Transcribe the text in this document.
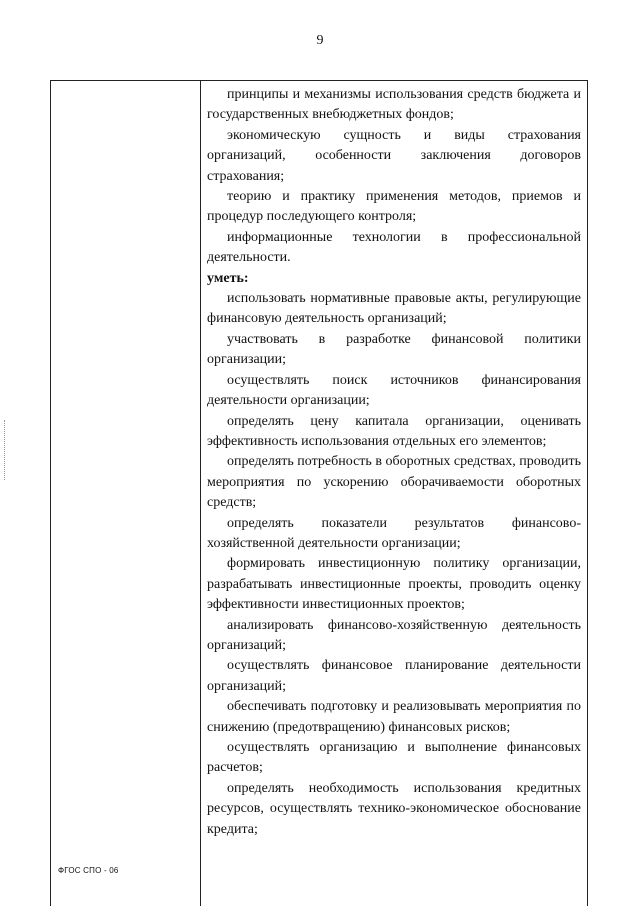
9

принципы и механизмы использования средств бюджета и государственных внебюджетных фондов;

экономическую сущность и виды страхования организаций, особенности заключения договоров страхования;

теорию и практику применения методов, приемов и процедур последующего контроля;

информационные технологии в профессиональной деятельности.

уметь:

использовать нормативные правовые акты, регулирующие финансовую деятельность организаций;

участвовать в разработке финансовой политики организации;

осуществлять поиск источников финансирования деятельности организации;

определять цену капитала организации, оценивать эффективность использования отдельных его элементов;

определять потребность в оборотных средствах, проводить мероприятия по ускорению оборачиваемости оборотных средств;

определять показатели результатов финансово-хозяйственной деятельности организации;

формировать инвестиционную политику организации, разрабатывать инвестиционные проекты, проводить оценку эффективности инвестиционных проектов;

анализировать финансово-хозяйственную деятельность организаций;

осуществлять финансовое планирование деятельности организаций;

обеспечивать подготовку и реализовывать мероприятия по снижению (предотвращению) финансовых рисков;

осуществлять организацию и выполнение финансовых расчетов;

определять необходимость использования кредитных ресурсов, осуществлять технико-экономическое обоснование кредита;

ФГОС СПО - 06
